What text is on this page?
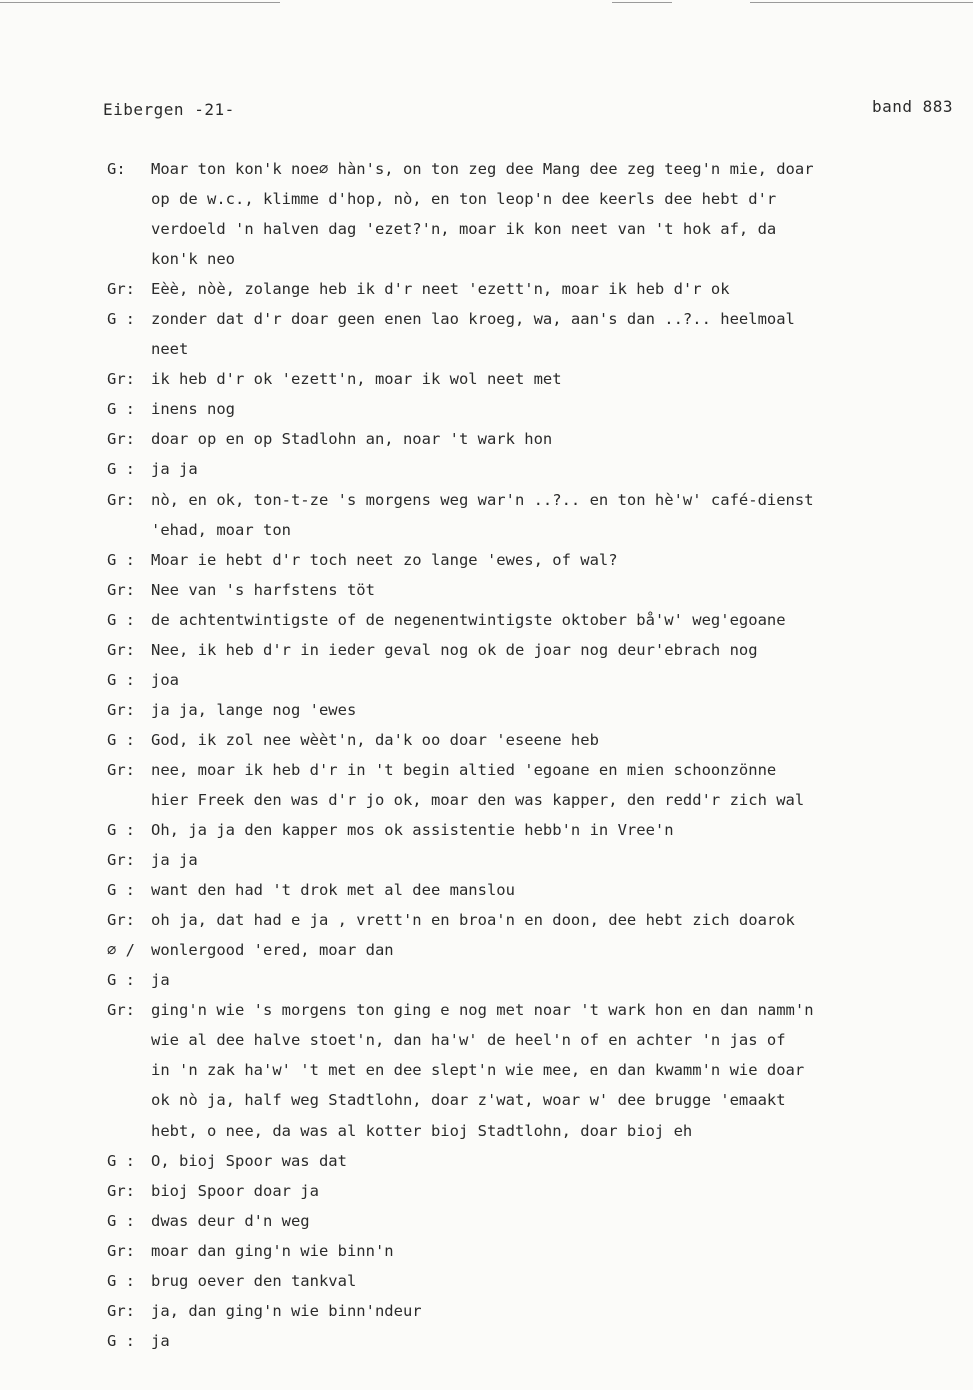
Eibergen -21-	band 883
G:	Moar ton kon'k noe∅ hàn's, on ton zeg dee Mang dee zeg teeg'n mie, doar
op de w.c., klimme d'hop, nò, en ton leop'n dee keerls dee hebt d'r
verdoeld 'n halven dag 'ezet?'n, moar ik kon neet van 't hok af, da
kon'k neo
Gr:	Eèè, nòè, zolange heb ik d'r neet 'ezett'n, moar ik heb d'r ok
G :	zonder dat d'r doar geen enen lao kroeg, wa, aan's dan ..?.. heelmoal
neet
Gr:	ik heb d'r ok 'ezett'n, moar ik wol neet met
G :	inens nog
Gr:	doar op en op Stadlohn an, noar 't wark hon
G :	ja ja
Gr:	nò, en ok, ton-t-ze 's morgens weg war'n ..?.. en ton hè'w' café-dienst
'ehad, moar ton
G :	Moar ie hebt d'r toch neet zo lange 'ewes, of wal?
Gr:	Nee van 's harfstens töt
G :	de achtentwintigste of de negenentwintigste oktober bå'w' weg'egoane
Gr:	Nee, ik heb d'r in ieder geval nog ok de joar nog deur'ebrach nog
G :	joa
Gr:	ja ja, lange nog 'ewes
G :	God, ik zol nee wèèt'n, da'k oo doar 'eseene heb
Gr:	nee, moar ik heb d'r in 't begin altied 'egoane en mien schoonzönne
hier Freek den was d'r jo ok, moar den was kapper, den redd'r zich wal
G :	Oh, ja ja den kapper mos ok assistentie hebb'n in Vree'n
Gr:	ja ja
G :	want den had 't drok met al dee manslou
Gr:	oh ja, dat had e ja , vrett'n en broa'n en doon, dee hebt zich doarok
∅ /	wonlergood 'ered, moar dan
G :	ja
Gr:	ging'n wie 's morgens ton ging e nog met noar 't wark hon en dan namm'n
wie al dee halve stoet'n, dan ha'w' de heel'n of en achter 'n jas of
in 'n zak ha'w' 't met en dee slept'n wie mee, en dan kwamm'n wie doar
ok nò ja, half weg Stadtlohn, doar z'wat, woar w' dee brugge 'emaakt
hebt, o nee, da was al kotter bioj Stadtlohn, doar bioj eh
G :	O, bioj Spoor was dat
Gr:	bioj Spoor doar ja
G :	dwas deur d'n weg
Gr:	moar dan ging'n wie binn'n
G :	brug oever den tankval
Gr:	ja, dan ging'n wie binn'ndeur
G :	ja
